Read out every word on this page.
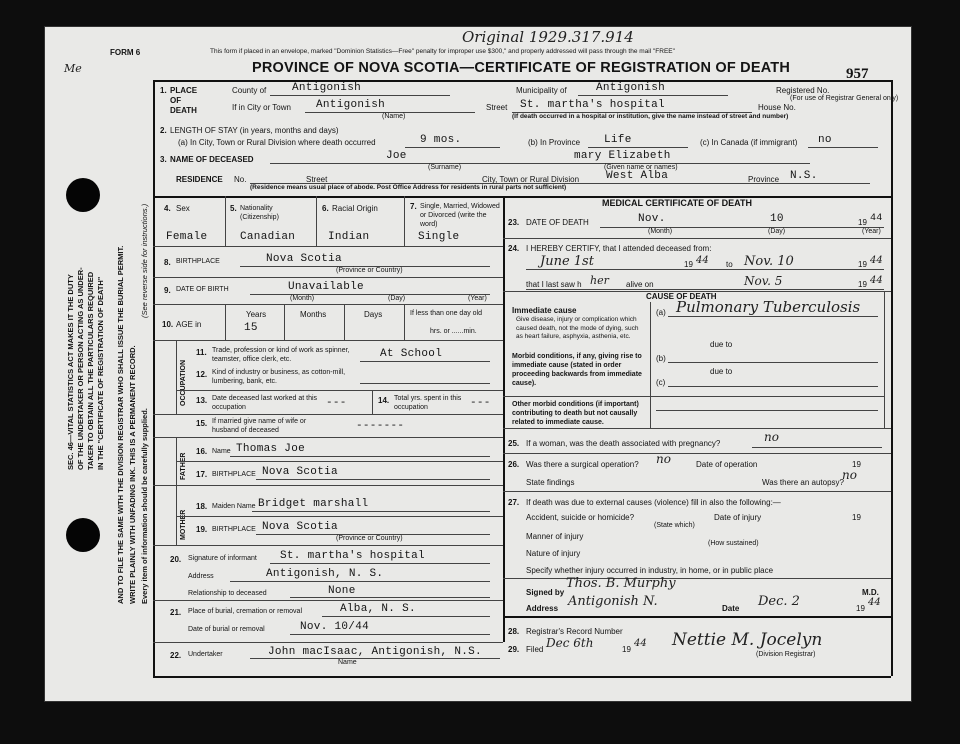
FORM 6
Me
Original 1929.317.914
This form if placed in an envelope, marked "Dominion Statistics—Free" penalty for improper use $300," and properly addressed will pass through the mail "FREE"
PROVINCE OF NOVA SCOTIA—CERTIFICATE OF REGISTRATION OF DEATH	957
SEC. 46—VITAL STATISTICS ACT MAKES IT THE DUTY OF THE UNDERTAKER OR PERSON ACTING AS UNDER- TAKER TO OBTAIN ALL THE PARTICULARS REQUIRED IN THE "CERTIFICATE OF REGISTRATION OF DEATH" AND TO FILE THE SAME WITH THE DIVISION REGISTRAR WHO SHALL ISSUE THE BURIAL PERMIT. WRITE PLAINLY WITH UNFADING INK. THIS IS A PERMANENT RECORD. Every item of information should be carefully supplied.
(See reverse side for instructions.)
1. PLACE OF DEATH
County of Antigonish	Municipality of	Antigonish	Registered No.
(For use of Registrar General only)
If in City or Town Antigonish
(Name)
Street St. martha's hospital	House No.
(If death occurred in a hospital or institution, give the name instead of street and number)
2. LENGTH OF STAY (in years, months and days)
(a) In City, Town or Rural Division where death occurred	9 mos.	(b) In Province Life	(c) In Canada (if immigrant) no
3. NAME OF DECEASED	Joe	mary Elizabeth
(Surname)	(Given name or names)
RESIDENCE No.	Street	City, Town or Rural Division West Alba	Province N.S.
(Residence means usual place of abode. Post Office Address for residents in rural parts not sufficient)
4. Sex
Female
5. Nationality (Citizenship)
Canadian
6. Racial Origin
Indian
7. Single, Married, Widowed or Divorced (write the word)
Single
MEDICAL CERTIFICATE OF DEATH
23. DATE OF DEATH	Nov.	10	19 44
(Month)	(Day)	(Year)
24. I HEREBY CERTIFY, that I attended deceased from:
June 1st	19 44 to Nov. 10	19 44
that I last saw h her alive on	Nov. 5	19 44
CAUSE OF DEATH
Immediate cause
Give disease, injury or complication which caused death, not the mode of dying, such as heart failure, asphyxia, asthenia, etc.
(a) Pulmonary Tuberculosis
due to
Morbid conditions, if any, giving rise to immediate cause (stated in order proceeding backwards from immediate cause).
(b)
due to
(c)
Other morbid conditions (if important) contributing to death but not causally related to immediate cause.
25. If a woman, was the death associated with pregnancy?	no
26. Was there a surgical operation? no	Date of operation	19
State findings	Was there an autopsy?
no
27. If death was due to external causes (violence) fill in also the following:—
Accident, suicide or homicide?	Date of injury	19
(State which)
Manner of injury
(How sustained)
Nature of injury
Specify whether injury occurred in industry, in home, or in public place
Signed by
Thos. B. Murphy
M.D.
Address Antigonish N.	Date Dec. 2	19
44
28. Registrar's Record Number
29. Filed Dec 6th	19
44 Nettie M. Jocelyn
(Division Registrar)
8. BIRTHPLACE	Nova Scotia
(Province or Country)
9. DATE OF BIRTH	Unavailable
(Month)	(Day)	(Year)
10. AGE in
Years
15
Months	Days	If less than one day old
hrs. or ......min.
OCCUPATION
11. Trade, profession or kind of work as spinner, teamster, office clerk, etc.	At School
12. Kind of industry or business, as cotton-mill, lumbering, bank, etc.
13. Date deceased last worked at this occupation	---	14. Total yrs. spent in this occupation	---
15. If married give name of wife or husband of deceased	-------
FATHER
16. Name Thomas Joe
17. BIRTHPLACE Nova Scotia
MOTHER
18. Maiden Name Bridget marshall
19. BIRTHPLACE Nova Scotia
(Province or Country)
20. Signature of informant St. martha's hospital
Address	Antigonish, N. S.
Relationship to deceased	None
21. Place of burial, cremation or removal	Alba, N. S.
Date of burial or removal	Nov. 10/44
22. Undertaker	John macIsaac, Antigonish, N.S.
Name
